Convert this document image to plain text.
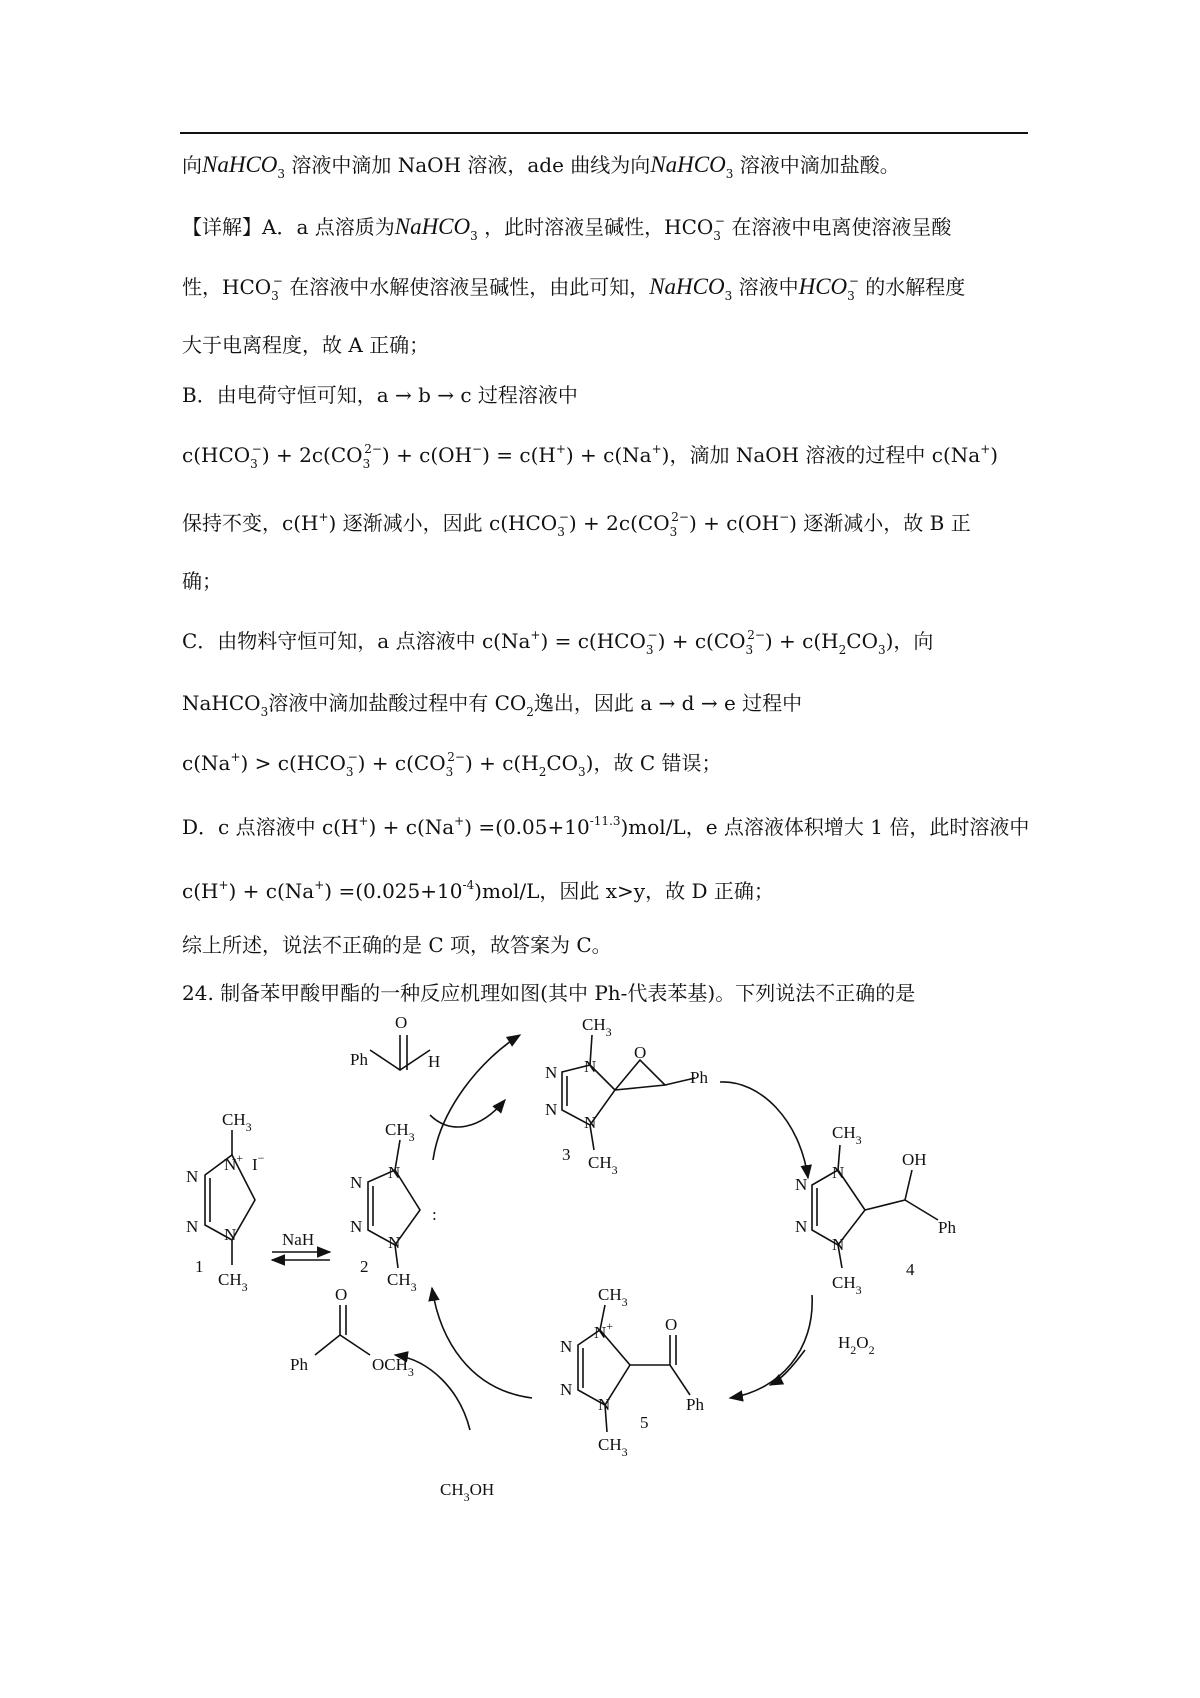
向NaHCO$_3$ 溶液中滴加 NaOH 溶液，ade 曲线为向NaHCO$_3$ 溶液中滴加盐酸。
【详解】A．a 点溶质为NaHCO$_3$ ，此时溶液呈碱性，$HCO_3^-$ 在溶液中电离使溶液呈酸
性，$HCO_3^-$ 在溶液中水解使溶液呈碱性，由此可知，NaHCO$_3$ 溶液中$HCO_3^-$ 的水解程度
大于电离程度，故 A 正确；
B．由电荷守恒可知，a → b → c 过程溶液中
$c(HCO_3^-) + 2c(CO_3^{2-}) + c(OH^-) = c(H^+) + c(Na^+)$，滴加 NaOH 溶液的过程中 c(Na+)
保持不变，c(H+) 逐渐减小，因此 $c(HCO_3^-) + 2c(CO_3^{2-}) + c(OH^-)$ 逐渐减小，故 B 正
确；
C．由物料守恒可知，a 点溶液中 $c(Na^+) = c(HCO_3^-) + c(CO_3^{2-}) + c(H_2CO_3)$，向
NaHCO$_3$溶液中滴加盐酸过程中有 $CO_2$逸出，因此 a → d → e 过程中
$c(Na^+) > c(HCO_3^-) + c(CO_3^{2-}) + c(H_2CO_3)$，故 C 错误；
D．c 点溶液中 $c(H^+) + c(Na^+) =(0.05+10^{-11.3})mol/L$，e 点溶液体积增大 1 倍，此时溶液中
$c(H^+) + c(Na^+) =(0.025+10^{-4})mol/L$，因此 x>y，故 D 正确；
综上所述，说法不正确的是 C 项，故答案为 C。
24. 制备苯甲酸甲酯的一种反应机理如图(其中 Ph-代表苯基)。下列说法不正确的是
Ph	H
O
$CH_3$
N+ I−
N
N N
$CH_3$
1
NaH
$CH_3$
N
N
N
N
:
$CH_3$
2
$CH_3$
N
N
N
N
O
Ph
$CH_3$
3
$CH_3$
N
N
N
N
OH
Ph
$CH_3$
4
$H_2O_2$
$CH_3$
N+
N
N
N
O
Ph
$CH_3$
5
O
Ph	$OCH_3$
$CH_3OH$
